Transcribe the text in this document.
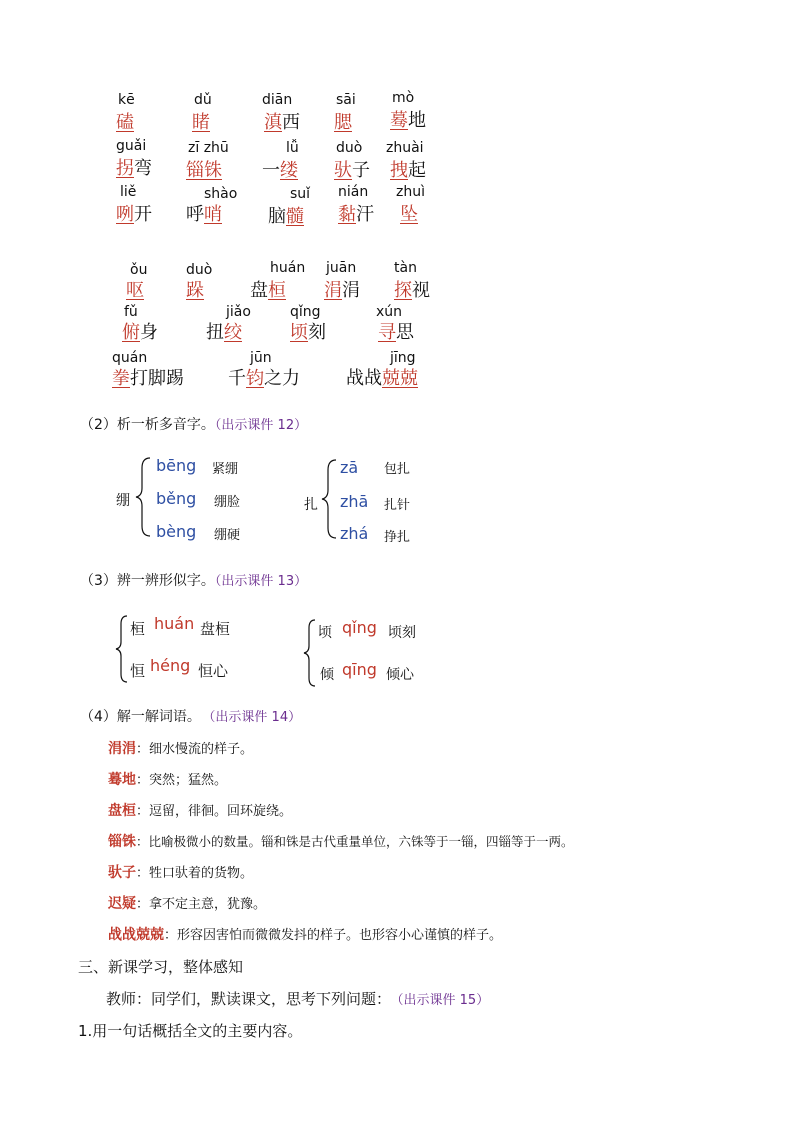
kē
磕
dǔ
睹
diān
滇西
sāi
腮
mò
蓦地
guǎi
拐弯
zī zhū
锱铢
lǚ
一缕
duò
驮子
zhuài
拽起
liě
咧开
shào
呼哨
suǐ
脑髓
nián
黏汗
zhuì
坠
ǒu
呕
duò
跺
huán
盘桓
juān
涓涓
tàn
探视
fǔ
俯身
jiǎo
扭绞
qǐng
顷刻
xún
寻思
quán
拳打脚踢
jūn
千钧之力
jīng
战战兢兢
（2）析一析多音字。（出示课件 12）
绷
bēng 紧绷
běng 绷脸
bèng 绷硬
扎
zā 包扎
zhā 扎针
zhá 挣扎
（3）辨一辨形似字。（出示课件 13）
桓 huán 盘桓
恒 héng 恒心
顷 qǐng 顷刻
倾 qīng 倾心
（4）解一解词语。 （出示课件 14）
涓涓：细水慢流的样子。
蓦地：突然；猛然。
盘桓：逗留，徘徊。回环旋绕。
锱铢：比喻极微小的数量。锱和铢是古代重量单位，六铢等于一锱，四锱等于一两。
驮子：牲口驮着的货物。
迟疑：拿不定主意，犹豫。
战战兢兢：形容因害怕而微微发抖的样子。也形容小心谨慎的样子。
三、新课学习，整体感知
教师：同学们，默读课文，思考下列问题： （出示课件 15）
1.用一句话概括全文的主要内容。
